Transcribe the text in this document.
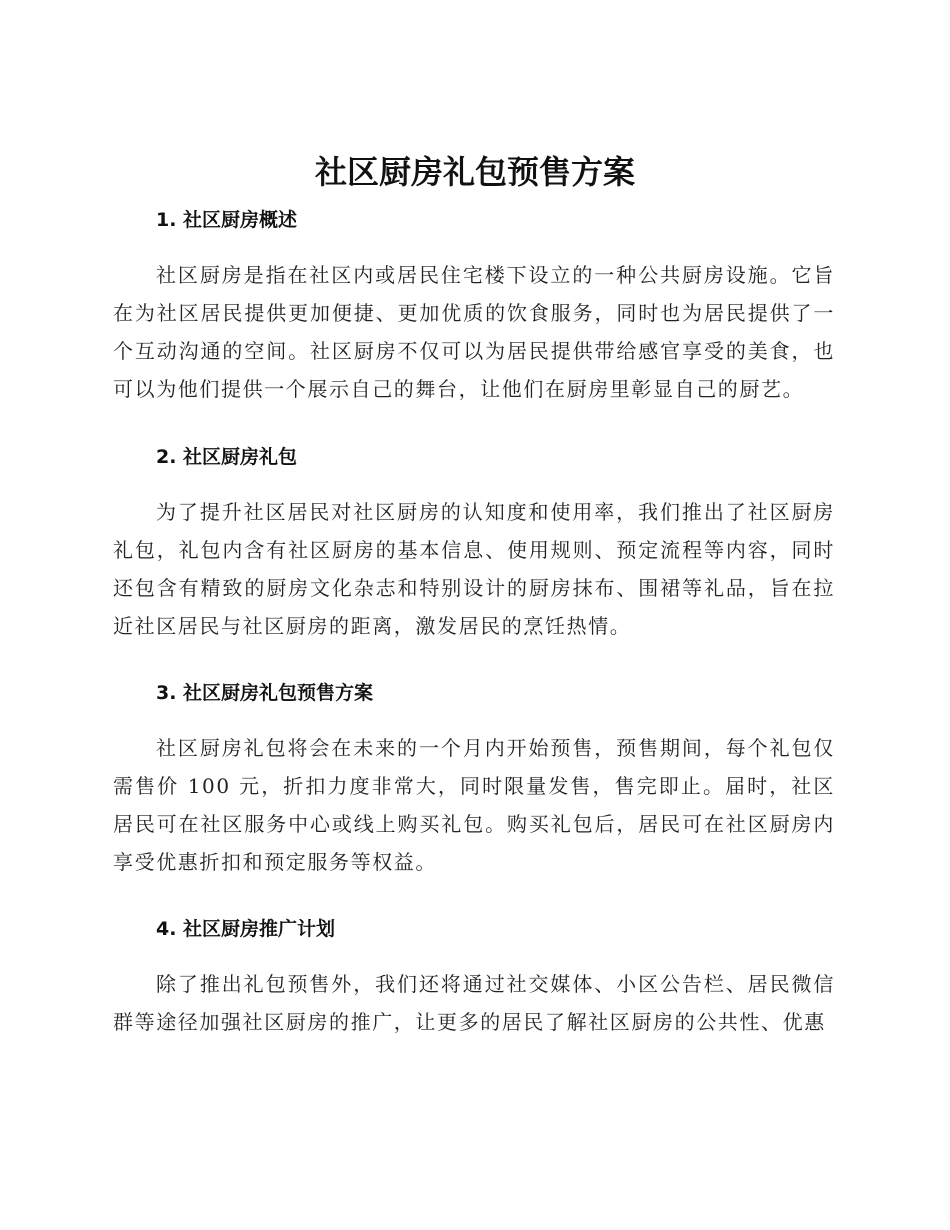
社区厨房礼包预售方案
1. 社区厨房概述

社区厨房是指在社区内或居民住宅楼下设立的一种公共厨房设施。它旨在为社区居民提供更加便捷、更加优质的饮食服务，同时也为居民提供了一个互动沟通的空间。社区厨房不仅可以为居民提供带给感官享受的美食，也可以为他们提供一个展示自己的舞台，让他们在厨房里彰显自己的厨艺。

2. 社区厨房礼包

为了提升社区居民对社区厨房的认知度和使用率，我们推出了社区厨房礼包，礼包内含有社区厨房的基本信息、使用规则、预定流程等内容，同时还包含有精致的厨房文化杂志和特别设计的厨房抹布、围裙等礼品，旨在拉近社区居民与社区厨房的距离，激发居民的烹饪热情。

3. 社区厨房礼包预售方案

社区厨房礼包将会在未来的一个月内开始预售，预售期间，每个礼包仅需售价 100 元，折扣力度非常大，同时限量发售，售完即止。届时，社区居民可在社区服务中心或线上购买礼包。购买礼包后，居民可在社区厨房内享受优惠折扣和预定服务等权益。

4. 社区厨房推广计划

除了推出礼包预售外，我们还将通过社交媒体、小区公告栏、居民微信群等途径加强社区厨房的推广，让更多的居民了解社区厨房的公共性、优惠
